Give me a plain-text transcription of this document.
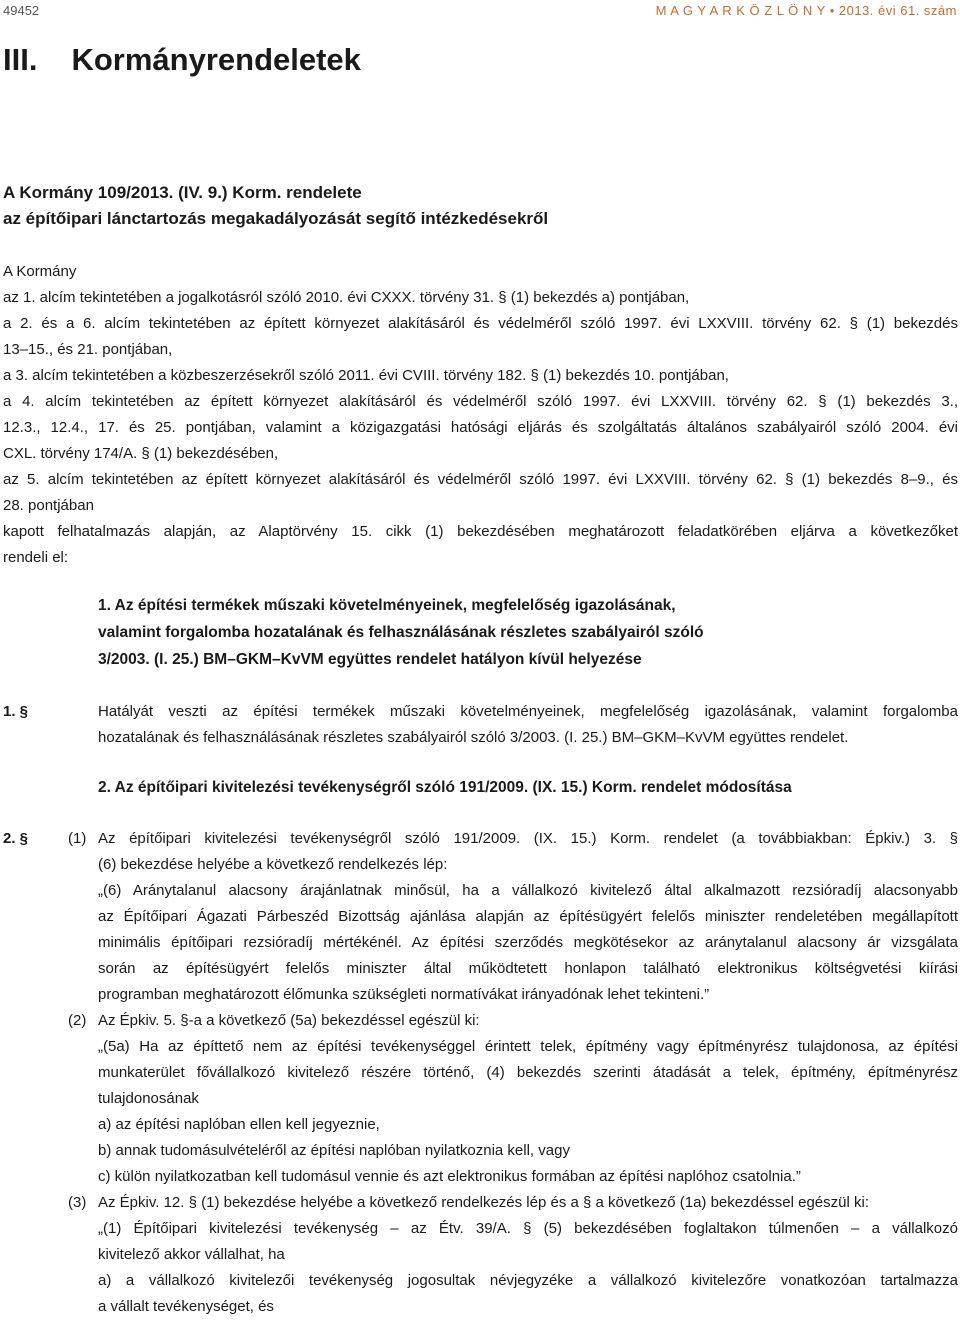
49452	M A G Y A R K Ö Z L Ö N Y • 2013. évi 61. szám
III. Kormányrendeletek
A Kormány 109/2013. (IV. 9.) Korm. rendelete
az építőipari lánctartozás megakadályozását segítő intézkedésekről
A Kormány
az 1. alcím tekintetében a jogalkotásról szóló 2010. évi CXXX. törvény 31. § (1) bekezdés a) pontjában,
a 2. és a 6. alcím tekintetében az épített környezet alakításáról és védelméről szóló 1997. évi LXXVIII. törvény 62. § (1) bekezdés
13–15., és 21. pontjában,
a 3. alcím tekintetében a közbeszerzésekről szóló 2011. évi CVIII. törvény 182. § (1) bekezdés 10. pontjában,
a 4. alcím tekintetében az épített környezet alakításáról és védelméről szóló 1997. évi LXXVIII. törvény 62. § (1) bekezdés 3.,
12.3., 12.4., 17. és 25. pontjában, valamint a közigazgatási hatósági eljárás és szolgáltatás általános szabályairól szóló 2004. évi
CXL. törvény 174/A. § (1) bekezdésében,
az 5. alcím tekintetében az épített környezet alakításáról és védelméről szóló 1997. évi LXXVIII. törvény 62. § (1) bekezdés 8–9., és
28. pontjában
kapott felhatalmazás alapján, az Alaptörvény 15. cikk (1) bekezdésében meghatározott feladatkörében eljárva a következőket
rendeli el:
1. Az építési termékek műszaki követelményeinek, megfelelőség igazolásának,
valamint forgalomba hozatalának és felhasználásának részletes szabályairól szóló
3/2003. (I. 25.) BM–GKM–KvVM együttes rendelet hatályon kívül helyezése
1. §	Hatályát veszti az építési termékek műszaki követelményeinek, megfelelőség igazolásának, valamint forgalomba
hozatalának és felhasználásának részletes szabályairól szóló 3/2003. (I. 25.) BM–GKM–KvVM együttes rendelet.
2. Az építőipari kivitelezési tevékenységről szóló 191/2009. (IX. 15.) Korm. rendelet módosítása
2. §	(1) Az építőipari kivitelezési tevékenységről szóló 191/2009. (IX. 15.) Korm. rendelet (a továbbiakban: Épkiv.) 3. §
(6) bekezdése helyébe a következő rendelkezés lép:
„(6) Aránytalanul alacsony árajánlatnak minősül, ha a vállalkozó kivitelező által alkalmazott rezsióradíj alacsonyabb
az Építőipari Ágazati Párbeszéd Bizottság ajánlása alapján az építésügyért felelős miniszter rendeletében megállapított
minimális építőipari rezsióradíj mértékénél. Az építési szerződés megkötésekor az aránytalanul alacsony ár vizsgálata
során az építésügyért felelős miniszter által működtetett honlapon található elektronikus költségvetési kiírási
programban meghatározott élőmunka szükségleti normatívákat irányadónak lehet tekinteni.”
(2) Az Épkiv. 5. §-a a következő (5a) bekezdéssel egészül ki:
„(5a) Ha az építtető nem az építési tevékenységgel érintett telek, építmény vagy építményrész tulajdonosa, az építési
munkaterület fővállalkozó kivitelező részére történő, (4) bekezdés szerinti átadását a telek, építmény, építményrész
tulajdonosának
a) az építési naplóban ellen kell jegyeznie,
b) annak tudomásulvételéről az építési naplóban nyilatkoznia kell, vagy
c) külön nyilatkozatban kell tudomásul vennie és azt elektronikus formában az építési naplóhoz csatolnia.”
(3) Az Épkiv. 12. § (1) bekezdése helyébe a következő rendelkezés lép és a § a következő (1a) bekezdéssel egészül ki:
„(1) Építőipari kivitelezési tevékenység – az Étv. 39/A. § (5) bekezdésében foglaltakon túlmenően – a vállalkozó
kivitelező akkor vállalhat, ha
a) a vállalkozó kivitelezői tevékenység jogosultak névjegyzéke a vállalkozó kivitelezőre vonatkozóan tartalmazza
a vállalt tevékenységet, és
